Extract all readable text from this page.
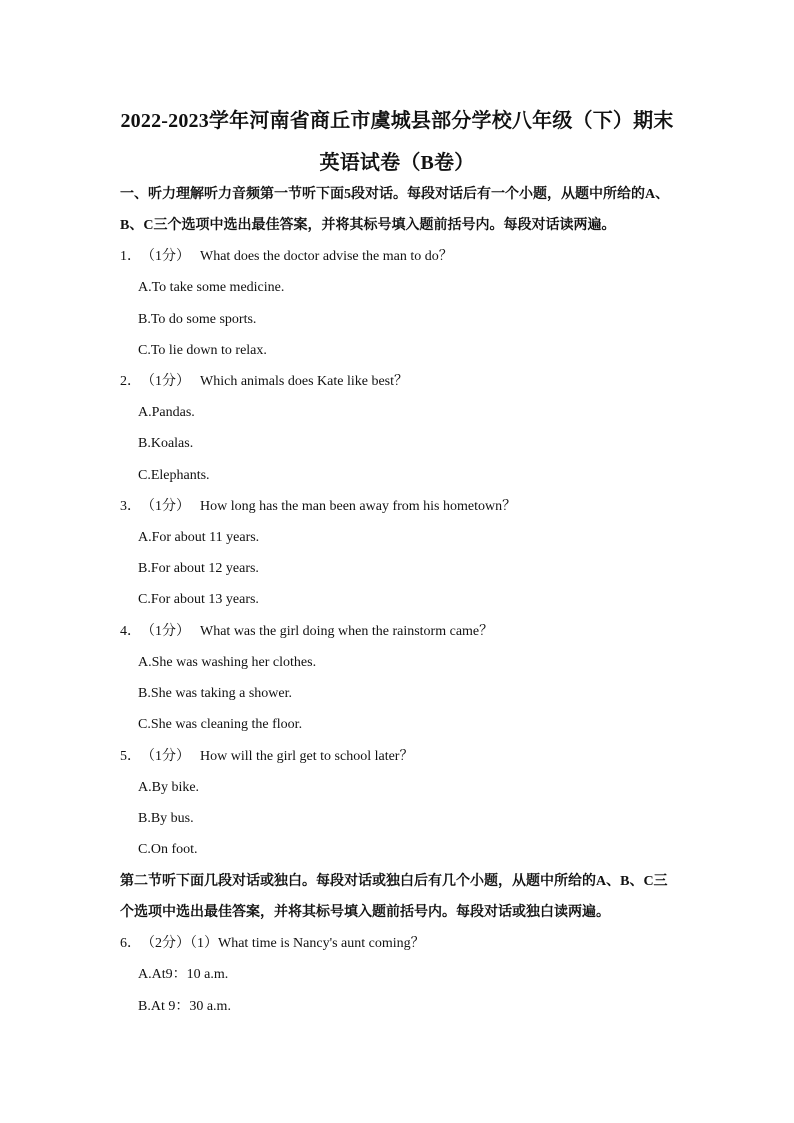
2022-2023学年河南省商丘市虞城县部分学校八年级（下）期末
英语试卷（B卷）
一、听力理解听力音频第一节听下面5段对话。每段对话后有一个小题，从题中所给的A、
B、C三个选项中选出最佳答案，并将其标号填入题前括号内。每段对话读两遍。
1．（1分） What does the doctor advise the man to do？
A.To take some medicine.
B.To do some sports.
C.To lie down to relax.
2．（1分） Which animals does Kate like best？
A.Pandas.
B.Koalas.
C.Elephants.
3．（1分） How long has the man been away from his hometown？
A.For about 11 years.
B.For about 12 years.
C.For about 13 years.
4．（1分） What was the girl doing when the rainstorm came？
A.She was washing her clothes.
B.She was taking a shower.
C.She was cleaning the floor.
5．（1分） How will the girl get to school later？
A.By bike.
B.By bus.
C.On foot.
第二节听下面几段对话或独白。每段对话或独白后有几个小题，从题中所给的A、B、C三
个选项中选出最佳答案，并将其标号填入题前括号内。每段对话或独白读两遍。
6．（2分）（1）What time is Nancy's aunt coming？
A.At9：10 a.m.
B.At 9：30 a.m.
